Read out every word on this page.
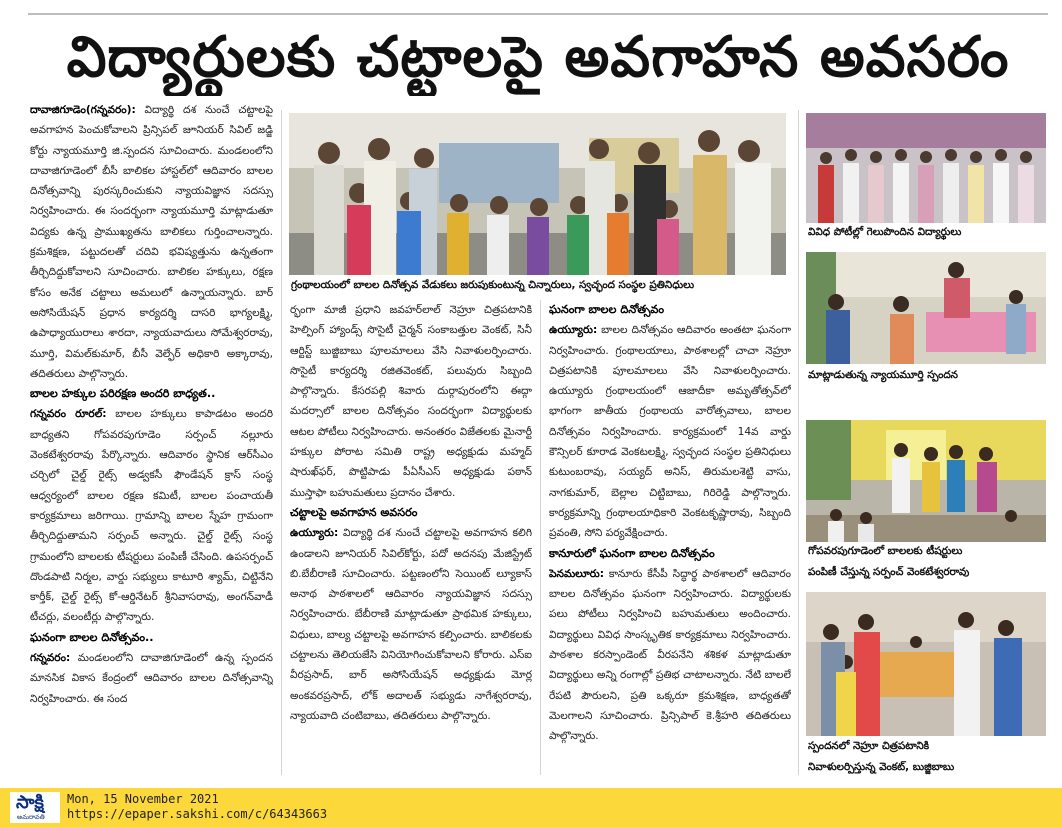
విద్యార్థులకు చట్టాలపై అవగాహన అవసరం
గ్రంథాలయంలో బాలల దినోత్సవ వేడుకలు జరుపుకుంటున్న చిన్నారులు, స్వచ్ఛంద సంస్థల ప్రతినిధులు
వివిధ పోటీల్లో గెలుపొందిన విద్యార్థులు
మాట్లాడుతున్న న్యాయమూర్తి స్పందన
గోపవరపుగూడెంలో బాలలకు టీషర్టులు
పంపిణీ చేస్తున్న సర్పంచ్ వెంకటేశ్వరరావు
స్పందనలో నెహ్రూ చిత్రపటానికి
నివాళులర్పిస్తున్న వెంకట్, బుజ్జిబాబు

దావాజిగూడెం(గన్నవరం): విద్యార్థి దశ నుంచే చట్టాలపై అవగాహన పెంచుకోవాలని ప్రిన్సిపల్ జూనియర్ సివిల్ జడ్జి కోర్టు న్యాయమూర్తి జి.స్పందన సూచించారు. మండలంలోని దావాజిగూడెంలో బీసీ బాలికల హాస్టల్‌లో ఆదివారం బాలల దినోత్సవాన్ని పురస్కరించుకుని న్యాయవిజ్ఞాన సదస్సు నిర్వహించారు. ఈ సందర్భంగా న్యాయమూర్తి మాట్లాడుతూ విద్యకు ఉన్న ప్రాముఖ్యతను బాలికలు గుర్తించాలన్నారు. క్రమశిక్షణ, పట్టుదలతో చదివి భవిష్యత్తును ఉన్నతంగా తీర్చిదిద్దుకోవాలని సూచించారు. బాలికల హక్కులు, రక్షణ కోసం అనేక చట్టాలు అమలులో ఉన్నాయన్నారు. బార్ అసోసియేషన్ ప్రధాన కార్యదర్శి దాసరి భాగ్యలక్ష్మి, ఉపాధ్యాయురాలు శారదా, న్యాయవాదులు సోమేశ్వరరావు, మూర్తి, విమల్‌కుమార్, బీసీ వెల్ఫేర్ అధికారి అక్కారావు, తదితరులు పాల్గొన్నారు.

బాలల హక్కుల పరిరక్షణ అందరి బాధ్యత..

గన్నవరం రూరల్: బాలల హక్కులు కాపాడటం అందరి బాధ్యతని గోపవరపుగూడెం సర్పంచ్ నల్లూరు వెంకటేశ్వరరావు పేర్కొన్నారు. ఆదివారం స్థానిక ఆర్‌సీఎం చర్చిలో చైల్డ్ రైట్స్ అడ్వకసీ ఫౌండేషన్ క్రాస్ సంస్థ ఆధ్వర్యంలో బాలల రక్షణ కమిటీ, బాలల పంచాయతీ కార్యక్రమాలు జరిగాయి. గ్రామాన్ని బాలల స్నేహ గ్రామంగా తీర్చిదిద్దుతామని సర్పంచ్ అన్నారు. చైల్డ్ రైట్స్ సంస్థ గ్రామంలోని బాలలకు టీషర్టులు పంపిణీ చేసింది. ఉపసర్పంచ్ దొండపాటి నిర్మల, వార్డు సభ్యులు కాటూరి శ్యామ్, చిట్టినేని కార్తీక్, చైల్డ్ రైట్స్ కో-ఆర్డినేటర్ శ్రీనివాసరావు, అంగన్‌వాడీ టీచర్లు, వలంటీర్లు పాల్గొన్నారు.

ఘనంగా బాలల దినోత్సవం..

గన్నవరం: మండలంలోని దావాజిగూడెంలో ఉన్న స్పందన మానసిక వికాస కేంద్రంలో ఆదివారం బాలల దినోత్సవాన్ని నిర్వహించారు. ఈ సంద

ర్భంగా మాజీ ప్రధాని జవహర్‌లాల్ నెహ్రూ చిత్రపటానికి హెల్పింగ్ హ్యాండ్స్ సొసైటీ చైర్మన్ సంకాబత్తుల వెంకట్, సినీ ఆర్టిస్ట్ బుజ్జిబాబు పూలమాలలు వేసి నివాళులర్పించారు. సొసైటీ కార్యదర్శి రజితవెంకట్, పలువురు సిబ్బంది పాల్గొన్నారు. కేసరపల్లి శివారు దుర్గాపురంలోని ఈద్గా మదర్సాలో బాలల దినోత్సవం సందర్భంగా విద్యార్థులకు ఆటల పోటీలు నిర్వహించారు. అనంతరం విజేతలకు మైనార్టీ హక్కుల పోరాట సమితి రాష్ట్ర అధ్యక్షుడు మహ్మద్ షారుఖ్‌ఫర్, పొట్టిపాడు పీఏసీఎస్ అధ్యక్షుడు పఠాన్ ముస్తాఫా బహుమతులు ప్రదానం చేశారు.

చట్టాలపై అవగాహన అవసరం

ఉయ్యూరు: విద్యార్థి దశ నుంచే చట్టాలపై అవగాహన కలిగి ఉండాలని జూనియర్ సివిల్‌కోర్టు, పదో అదనపు మేజిస్ట్రేట్ బి.బేబీరాణి సూచించారు. పట్టణంలోని సెయింట్ ల్యూకాస్ అనాథ పాఠశాలలో ఆదివారం న్యాయవిజ్ఞాన సదస్సు నిర్వహించారు. బేబీరాణి మాట్లాడుతూ ప్రాథమిక హక్కులు, విధులు, బాల్య చట్టాలపై అవగాహన కల్పించారు. బాలికలకు చట్టాలను తెలియజేసి వినియోగించుకోవాలని కోరారు. ఎస్ఐ వీరప్రసాద్, బార్ అసోసియేషన్ అధ్యక్షుడు మోర్ల అంకవరప్రసాద్, లోక్ అదాలత్ సభ్యుడు నాగేశ్వరరావు, న్యాయవాది చంటిబాబు, తదితరులు పాల్గొన్నారు.

ఘనంగా బాలల దినోత్సవం

ఉయ్యూరు: బాలల దినోత్సవం ఆదివారం అంతటా ఘనంగా నిర్వహించారు. గ్రంథాలయాలు, పాఠశాలల్లో చాచా నెహ్రూ చిత్రపటానికి పూలమాలలు వేసి నివాళులర్పించారు. ఉయ్యూరు గ్రంథాలయంలో ఆజాదీకా అమృతోత్సవ్‌లో భాగంగా జాతీయ గ్రంథాలయ వారోత్సవాలు, బాలల దినోత్సవం నిర్వహించారు. కార్యక్రమంలో 14వ వార్డు కౌన్సిలర్ కూరాడ వెంకటలక్ష్మి, స్వచ్ఛంద సంస్థల ప్రతినిధులు కుటుంబరావు, సయ్యద్ అనిస్, తిరుమలశెట్టి వాసు, నాగకుమార్, బెల్లాల చిట్టిబాబు, గిరిరెడ్డి పాల్గొన్నారు. కార్యక్రమాన్ని గ్రంథాలయాధికారి వెంకటకృష్ణారావు, సిబ్బంది ప్రవంతి, సోని పర్యవేక్షించారు.

కానూరులో ఘనంగా బాలల దినోత్సవం

పెనమలూరు: కానూరు కేసీపీ సిద్ధార్థ పాఠశాలలో ఆదివారం బాలల దినోత్సవం ఘనంగా నిర్వహించారు. విద్యార్థులకు పలు పోటీలు నిర్వహించి బహుమతులు అందించారు. విద్యార్థులు వివిధ సాంస్కృతిక కార్యక్రమాలు నిర్వహించారు. పాఠశాల కరస్పాండెంట్ వీరపనేని శశికళ మాట్లాడుతూ విద్యార్థులు అన్ని రంగాల్లో ప్రతిభ చాటాలన్నారు. నేటి బాలలే రేపటి పౌరులని, ప్రతి ఒక్కరూ క్రమశిక్షణ, బాధ్యతతో మెలగాలని సూచించారు. ప్రిన్సిపాల్ కె.శ్రీహరి తదితరులు పాల్గొన్నారు.

సాక్షి
అమరావతి
Mon, 15 November 2021
https://epaper.sakshi.com/c/64343663
